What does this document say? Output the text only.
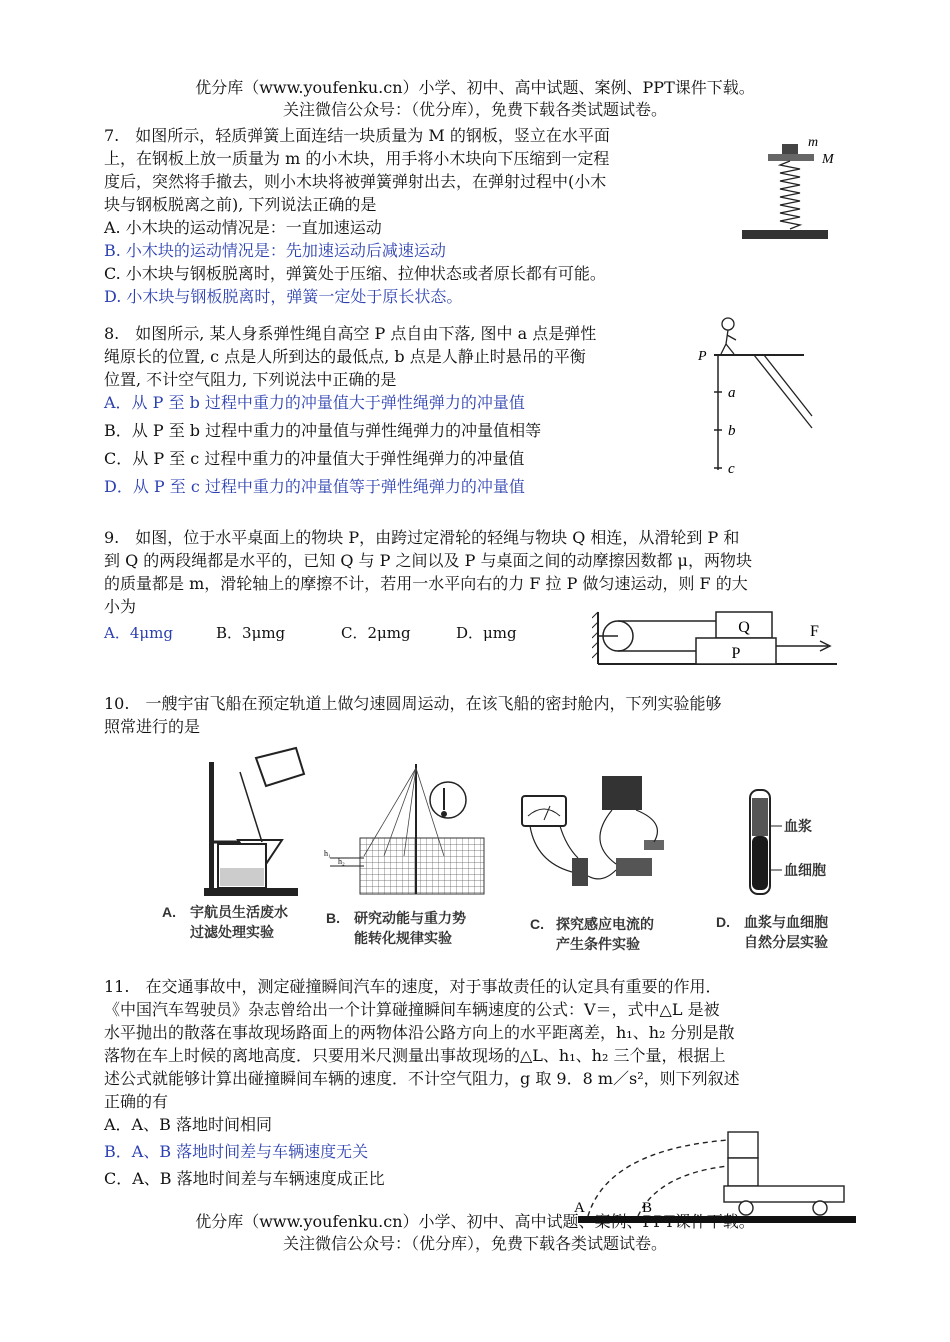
优分库（www.youfenku.cn）小学、初中、高中试题、案例、PPT课件下载。
关注微信公众号：（优分库），免费下载各类试题试卷。
7.　如图所示，轻质弹簧上面连结一块质量为 M 的钢板，竖立在水平面
上，在钢板上放一质量为 m 的小木块，用手将小木块向下压缩到一定程
度后，突然将手撤去，则小木块将被弹簧弹射出去，在弹射过程中(小木
块与钢板脱离之前), 下列说法正确的是
A. 小木块的运动情况是：一直加速运动
B. 小木块的运动情况是：先加速运动后减速运动
C. 小木块与钢板脱离时，弹簧处于压缩、拉伸状态或者原长都有可能。
D. 小木块与钢板脱离时，弹簧一定处于原长状态。
m
M
8.　如图所示, 某人身系弹性绳自高空 P 点自由下落, 图中 a 点是弹性
绳原长的位置, c 点是人所到达的最低点, b 点是人静止时悬吊的平衡
位置, 不计空气阻力, 下列说法中正确的是
A．从 P 至 b 过程中重力的冲量值大于弹性绳弹力的冲量值
B．从 P 至 b 过程中重力的冲量值与弹性绳弹力的冲量值相等
C．从 P 至 c 过程中重力的冲量值大于弹性绳弹力的冲量值
D．从 P 至 c 过程中重力的冲量值等于弹性绳弹力的冲量值
P
a
b
c
9.　如图，位于水平桌面上的物块 P，由跨过定滑轮的轻绳与物块 Q 相连，从滑轮到 P 和
到 Q 的两段绳都是水平的，已知 Q 与 P 之间以及 P 与桌面之间的动摩擦因数都 μ，两物块
的质量都是 m，滑轮轴上的摩擦不计，若用一水平向右的力 F 拉 P 做匀速运动，则 F 的大
小为
A．4μmg	B．3μmg	C．2μmg	D．μmg	Q
P
F
10.　一艘宇宙飞船在预定轨道上做匀速圆周运动，在该飞船的密封舱内，下列实验能够
照常进行的是
A. 宇航员生活废水
过滤处理实验
h₁
h₂
B. 研究动能与重力势
能转化规律实验
C. 探究感应电流的
产生条件实验
血浆
血细胞
D. 血浆与血细胞
自然分层实验
11.　在交通事故中，测定碰撞瞬间汽车的速度，对于事故责任的认定具有重要的作用．
《中国汽车驾驶员》杂志曾给出一个计算碰撞瞬间车辆速度的公式：V＝，式中△L 是被
水平抛出的散落在事故现场路面上的两物体沿公路方向上的水平距离差，h₁、h₂ 分别是散
落物在车上时候的离地高度．只要用米尺测量出事故现场的△L、h₁、h₂ 三个量，根据上
述公式就能够计算出碰撞瞬间车辆的速度．不计空气阻力，g 取 9．8 m／s²，则下列叙述
正确的有
A．A、B 落地时间相同
B．A、B 落地时间差与车辆速度无关
C．A、B 落地时间差与车辆速度成正比
A	B
优分库（www.youfenku.cn）小学、初中、高中试题、案例、PPT课件下载。
关注微信公众号：（优分库），免费下载各类试题试卷。
